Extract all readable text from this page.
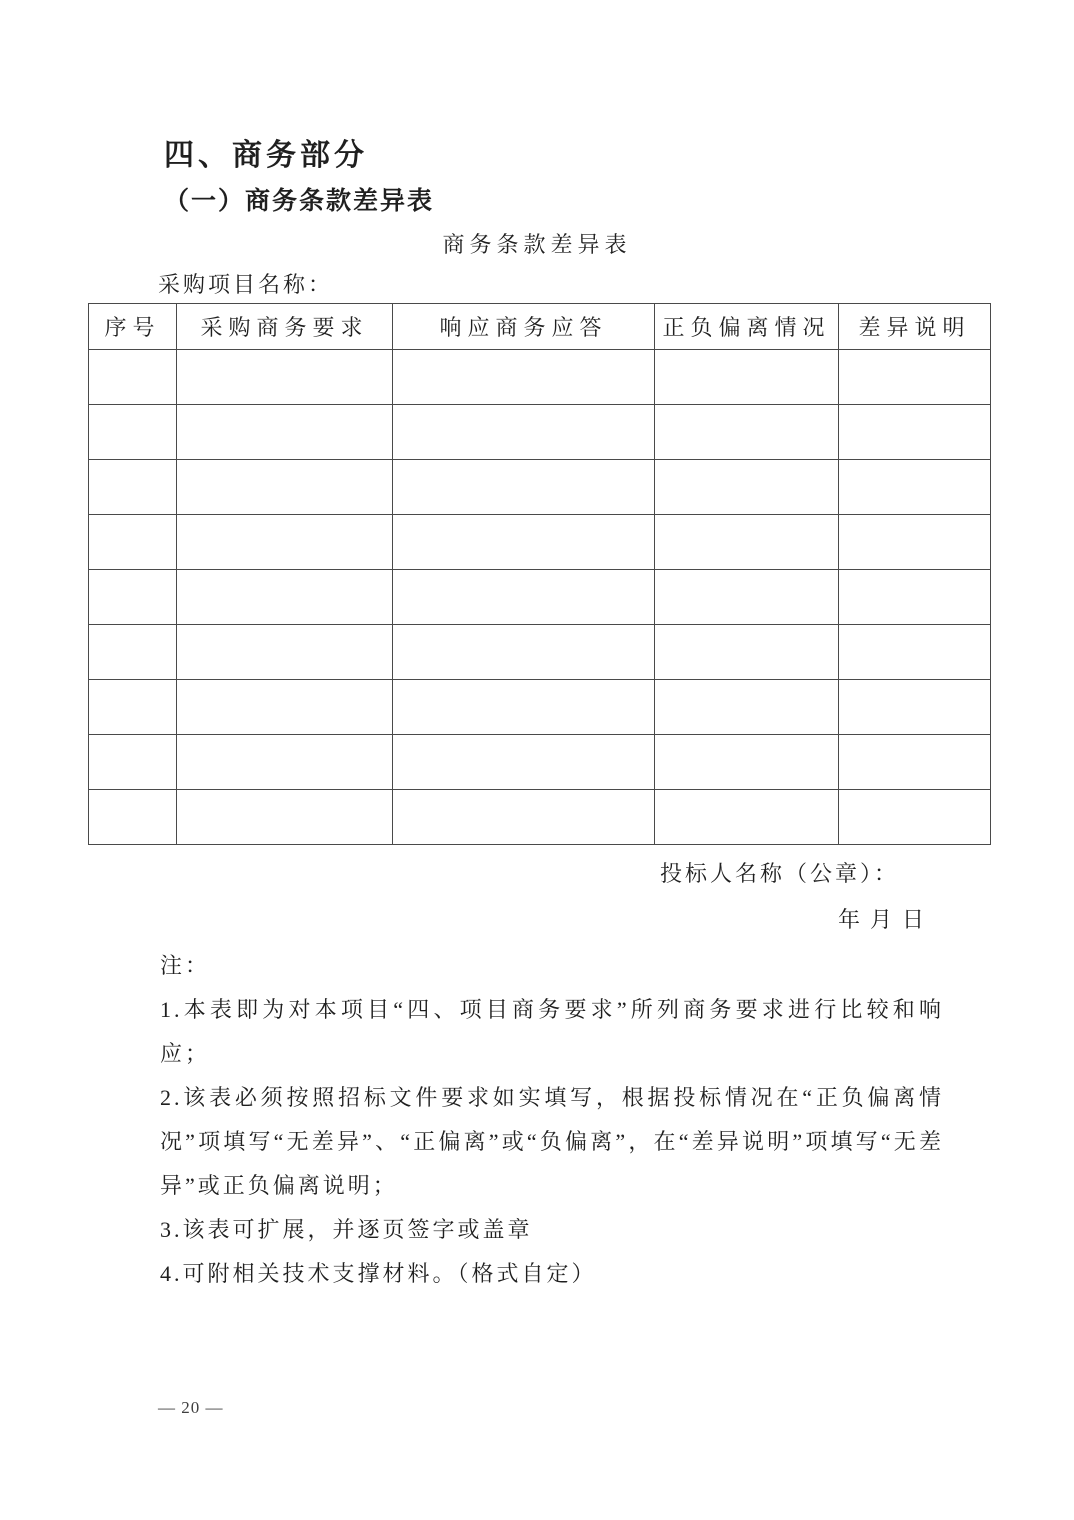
四、商务部分
（一）商务条款差异表
商务条款差异表
采购项目名称：
序号	采购商务要求	响应商务应答	正负偏离情况	差异说明

投标人名称（公章）：
年月日

注：

1.本表即为对本项目“四、项目商务要求”所列商务要求进行比较和响应；

2.该表必须按照招标文件要求如实填写，根据投标情况在“正负偏离情况”项填写“无差异”、“正偏离”或“负偏离”，在“差异说明”项填写“无差异”或正负偏离说明；

3.该表可扩展，并逐页签字或盖章

4.可附相关技术支撑材料。（格式自定）

— 20 —
